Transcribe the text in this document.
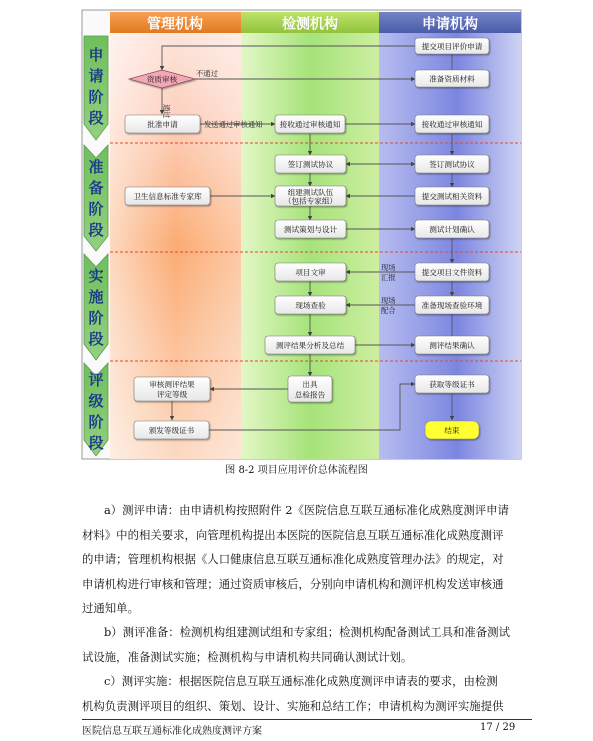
管理机构	检测机构	申请机构
申
请
阶
段
准
备
阶
段
实
施
阶
段
评
级
阶
段
提交项目评价申请
资质审核	准备资质材料
批准申请	接收通过审核通知	接收通过审核通知
签订测试协议	签订测试协议
卫生信息标准专家库	组建测试队伍
（包括专家组）	提交测试相关资料
测试策划与设计	测试计划确认
项目文审	提交项目文件资料
现场查验	准备现场查验环境
测评结果分析及总结	测评结果确认
审核测评结果
评定等级
出具
总检报告
获取等级证书
颁发等级证书	结束
不通过
通过
发送通过审核通知
现场
汇报
现场
配合
图 8-2 项目应用评价总体流程图
a）测评申请：由申请机构按照附件 2《医院信息互联互通标准化成熟度测评申请
材料》中的相关要求，向管理机构提出本医院的医院信息互联互通标准化成熟度测评
的申请；管理机构根据《人口健康信息互联互通标准化成熟度管理办法》的规定，对
申请机构进行审核和管理；通过资质审核后，分别向申请机构和测评机构发送审核通
过通知单。
b）测评准备：检测机构组建测试组和专家组；检测机构配备测试工具和准备测试
试设施，准备测试实施；检测机构与申请机构共同确认测试计划。
c）测评实施：根据医院信息互联互通标准化成熟度测评申请表的要求，由检测
机构负责测评项目的组织、策划、设计、实施和总结工作；申请机构为测评实施提供
医院信息互联互通标准化成熟度测评方案	17 / 29
